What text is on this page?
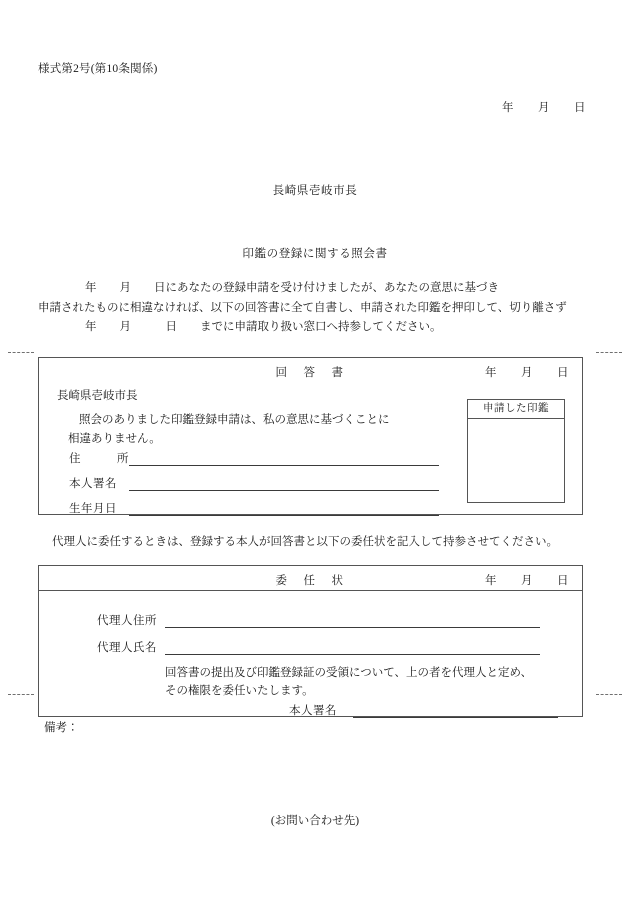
様式第2号(第10条関係)
年　　月　　日
長崎県壱岐市長
印鑑の登録に関する照会書
年　　月　　日にあなたの登録申請を受け付けましたが、あなたの意思に基づき
申請されたものに相違なければ、以下の回答書に全て自書し、申請された印鑑を押印して、切り離さず
年　　月　　　日　　までに申請取り扱い窓口へ持参してください。
回　答　書	年　　月　　日
長崎県壱岐市長
照会のありました印鑑登録申請は、私の意思に基づくことに
相違ありません。
住　　　所
本人署名
生年月日
申請した印鑑
代理人に委任するときは、登録する本人が回答書と以下の委任状を記入して持参させてください。
委　任　状	年　　月　　日
代理人住所
代理人氏名
回答書の提出及び印鑑登録証の受領について、上の者を代理人と定め、
その権限を委任いたします。
本人署名
備考：
(お問い合わせ先)
